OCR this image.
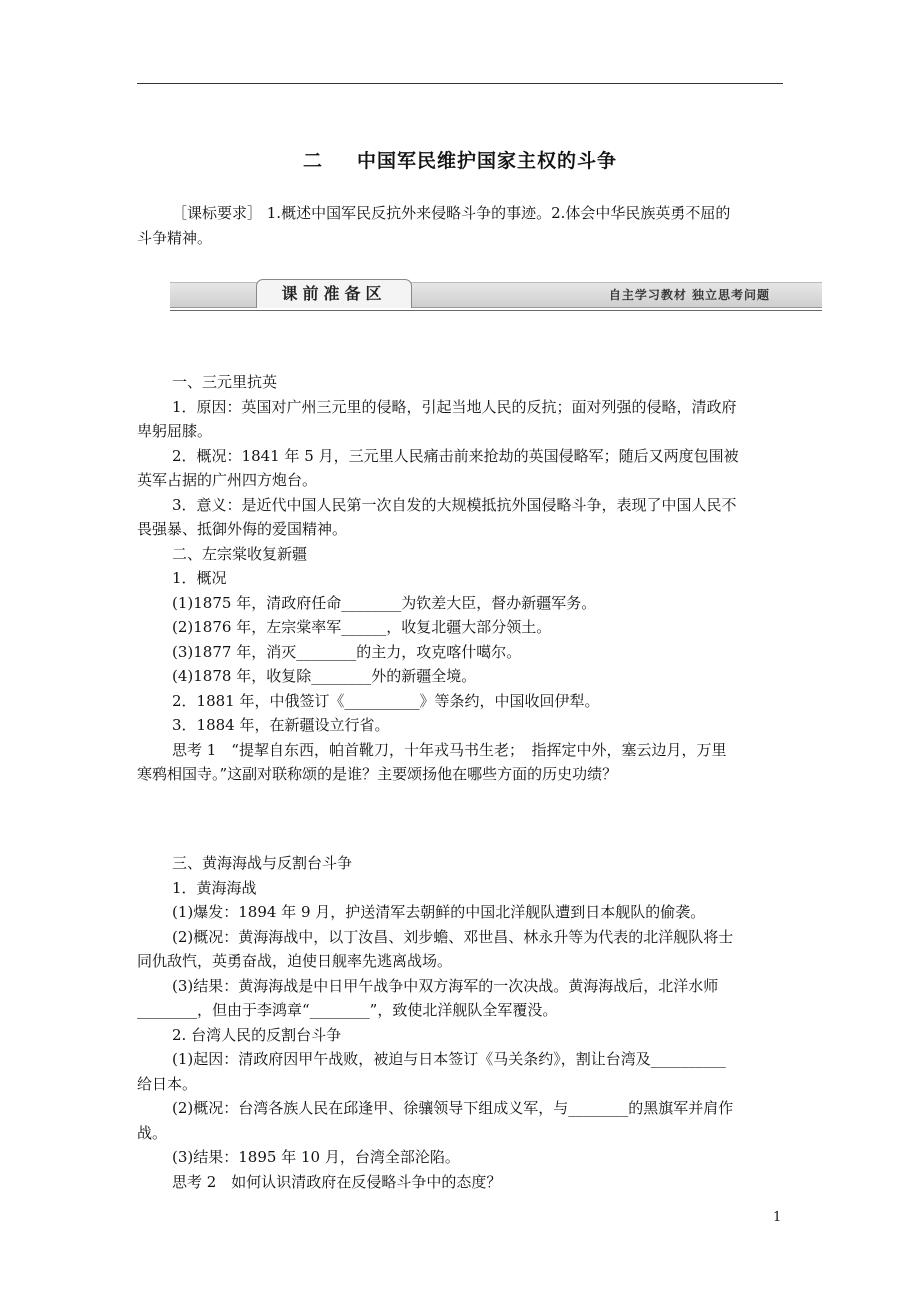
二 中国军民维护国家主权的斗争
［课标要求］ 1.概述中国军民反抗外来侵略斗争的事迹。2.体会中华民族英勇不屈的
斗争精神。
课前准备区	自主学习教材 独立思考问题
一、三元里抗英
1．原因：英国对广州三元里的侵略，引起当地人民的反抗；面对列强的侵略，清政府
卑躬屈膝。
2．概况：1841 年 5 月，三元里人民痛击前来抢劫的英国侵略军；随后又两度包围被
英军占据的广州四方炮台。
3．意义：是近代中国人民第一次自发的大规模抵抗外国侵略斗争，表现了中国人民不
畏强暴、抵御外侮的爱国精神。
二、左宗棠收复新疆
1．概况
(1)1875 年，清政府任命________为钦差大臣，督办新疆军务。
(2)1876 年，左宗棠率军______，收复北疆大部分领土。
(3)1877 年，消灭________的主力，攻克喀什噶尔。
(4)1878 年，收复除________外的新疆全境。
2．1881 年，中俄签订《__________》等条约，中国收回伊犁。
3．1884 年，在新疆设立行省。
思考 1　“提挈自东西，帕首靴刀，十年戎马书生老；　指挥定中外，塞云边月，万里
寒鸦相国寺。”这副对联称颂的是谁？主要颂扬他在哪些方面的历史功绩？
三、黄海海战与反割台斗争
1．黄海海战
(1)爆发：1894 年 9 月，护送清军去朝鲜的中国北洋舰队遭到日本舰队的偷袭。
(2)概况：黄海海战中，以丁汝昌、刘步蟾、邓世昌、林永升等为代表的北洋舰队将士
同仇敌忾，英勇奋战，迫使日舰率先逃离战场。
(3)结果：黄海海战是中日甲午战争中双方海军的一次决战。黄海海战后，北洋水师
________，但由于李鸿章“________”，致使北洋舰队全军覆没。
2. 台湾人民的反割台斗争
(1)起因：清政府因甲午战败，被迫与日本签订《马关条约》，割让台湾及__________
给日本。
(2)概况：台湾各族人民在邱逢甲、徐骧领导下组成义军，与________的黑旗军并肩作
战。
(3)结果：1895 年 10 月，台湾全部沦陷。
思考 2　如何认识清政府在反侵略斗争中的态度？
1
